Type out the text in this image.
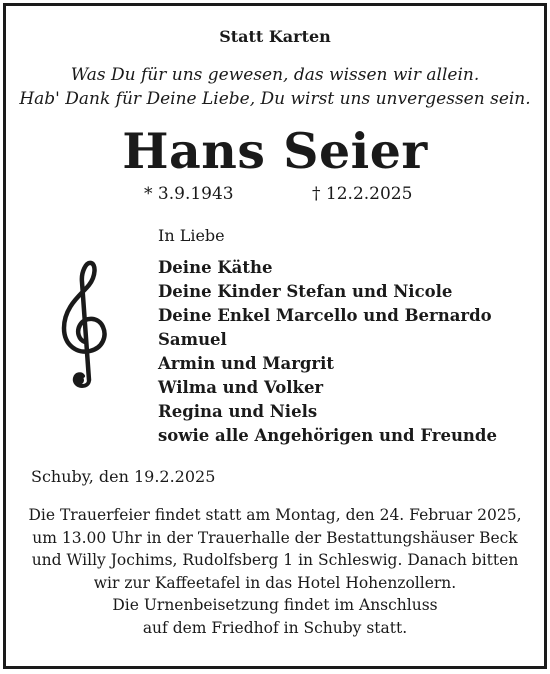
Statt Karten
Was Du für uns gewesen, das wissen wir allein.
Hab' Dank für Deine Liebe, Du wirst uns unvergessen sein.
Hans Seier
* 3.9.1943	† 12.2.2025
In Liebe
Deine Käthe
Deine Kinder Stefan und Nicole
Deine Enkel Marcello und Bernardo
Samuel
Armin und Margrit
Wilma und Volker
Regina und Niels
sowie alle Angehörigen und Freunde
Schuby, den 19.2.2025
Die Trauerfeier findet statt am Montag, den 24. Februar 2025,
um 13.00 Uhr in der Trauerhalle der Bestattungshäuser Beck
und Willy Jochims, Rudolfsberg 1 in Schleswig. Danach bitten
wir zur Kaffeetafel in das Hotel Hohenzollern.
Die Urnenbeisetzung findet im Anschluss
auf dem Friedhof in Schuby statt.
